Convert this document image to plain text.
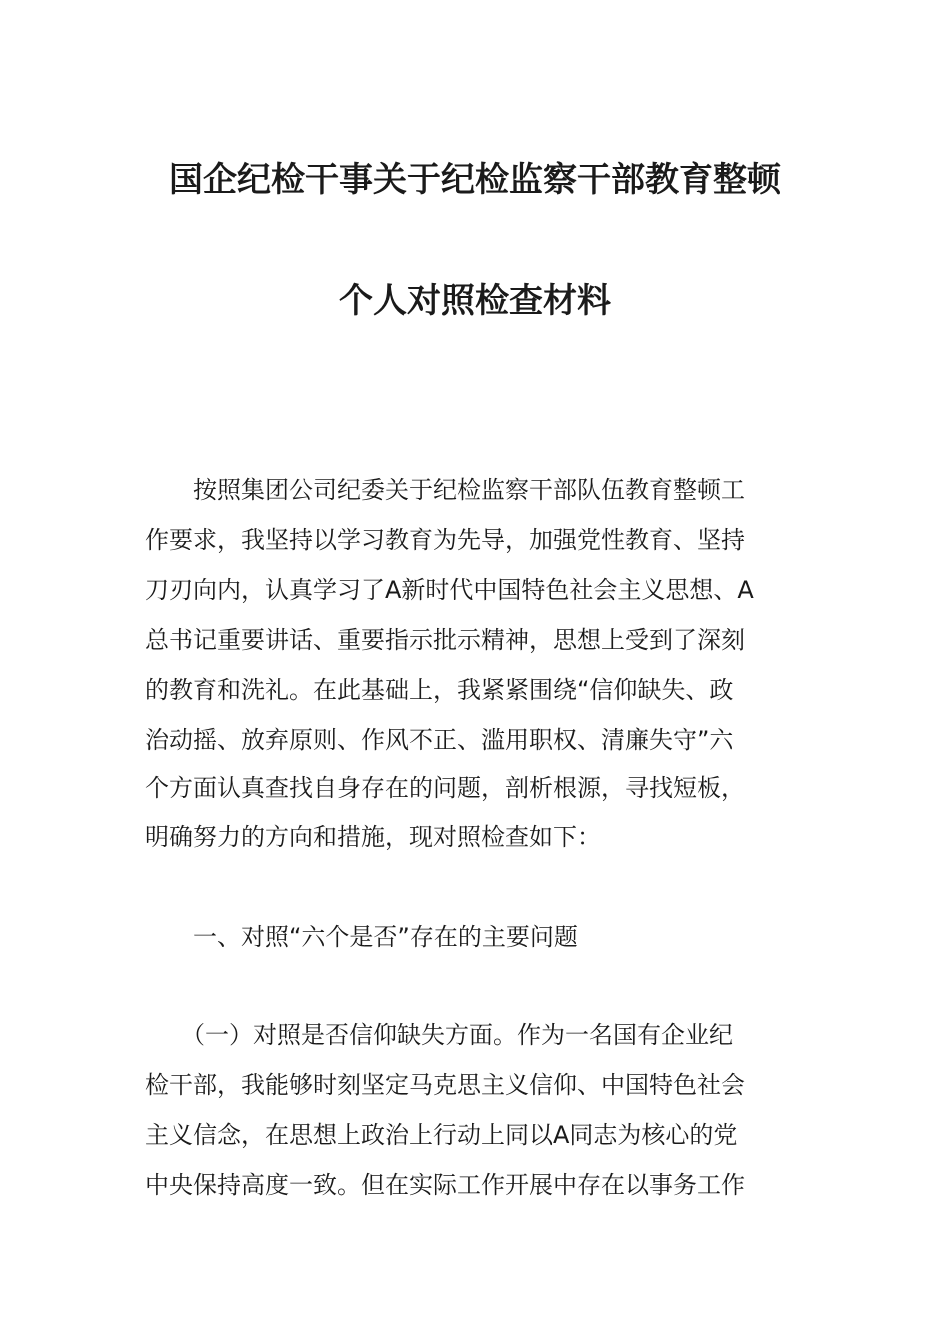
国企纪检干事关于纪检监察干部教育整顿
个人对照检查材料

　　按照集团公司纪委关于纪检监察干部队伍教育整顿工

作要求，我坚持以学习教育为先导，加强党性教育、坚持

刀刃向内，认真学习了A新时代中国特色社会主义思想、A

总书记重要讲话、重要指示批示精神，思想上受到了深刻

的教育和洗礼。在此基础上，我紧紧围绕“信仰缺失、政

治动摇、放弃原则、作风不正、滥用职权、清廉失守”六

个方面认真查找自身存在的问题，剖析根源，寻找短板，

明确努力的方向和措施，现对照检查如下：

　　一、对照“六个是否”存在的主要问题

　　（一）对照是否信仰缺失方面。作为一名国有企业纪

检干部，我能够时刻坚定马克思主义信仰、中国特色社会

主义信念，在思想上政治上行动上同以A同志为核心的党

中央保持高度一致。但在实际工作开展中存在以事务工作
